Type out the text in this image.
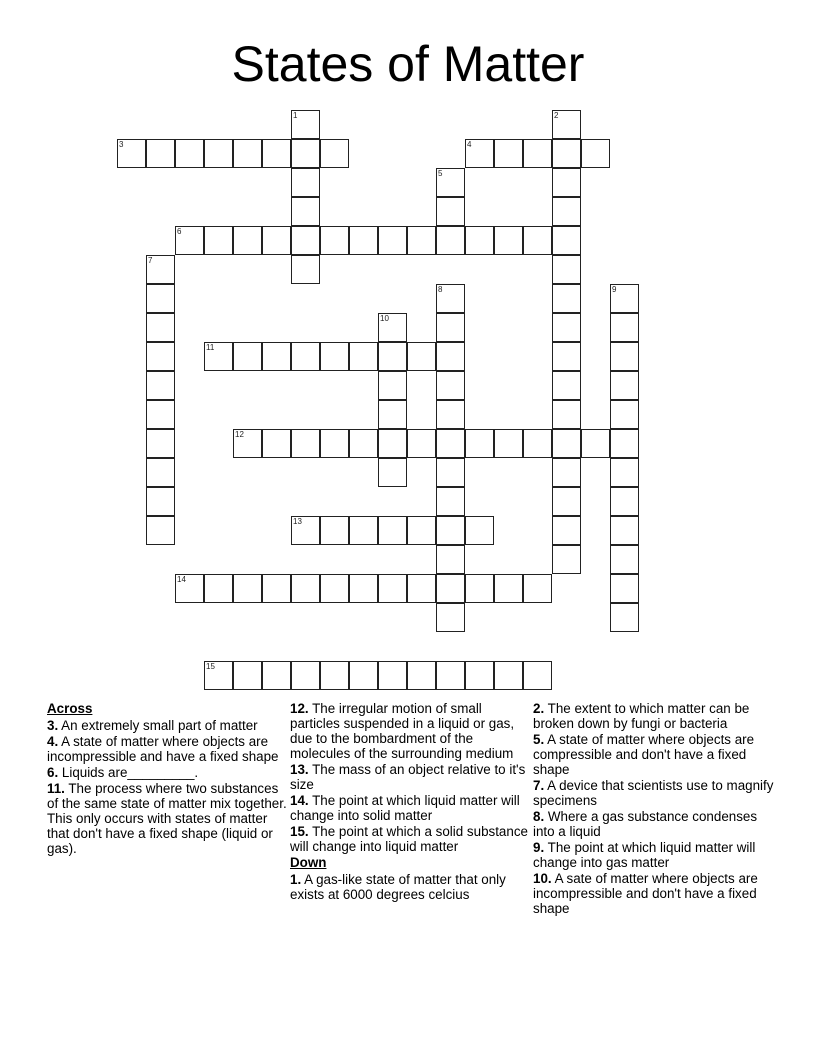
States of Matter
1	2
3	4
5
6
7
8	9
10
11
12
13
14
15
Across
3. An extremely small part of matter
4. A state of matter where objects are incompressible and have a fixed shape
6. Liquids are_________.
11. The process where two substances of the same state of matter mix together. This only occurs with states of matter that don't have a fixed shape (liquid or gas).
12. The irregular motion of small particles suspended in a liquid or gas, due to the bombardment of the molecules of the surrounding medium
13. The mass of an object relative to it's size
14. The point at which liquid matter will change into solid matter
15. The point at which a solid substance will change into liquid matter
Down
1. A gas-like state of matter that only exists at 6000 degrees celcius
2. The extent to which matter can be broken down by fungi or bacteria
5. A state of matter where objects are compressible and don't have a fixed shape
7. A device that scientists use to magnify specimens
8. Where a gas substance condenses into a liquid
9. The point at which liquid matter will change into gas matter
10. A sate of matter where objects are incompressible and don't have a fixed shape
